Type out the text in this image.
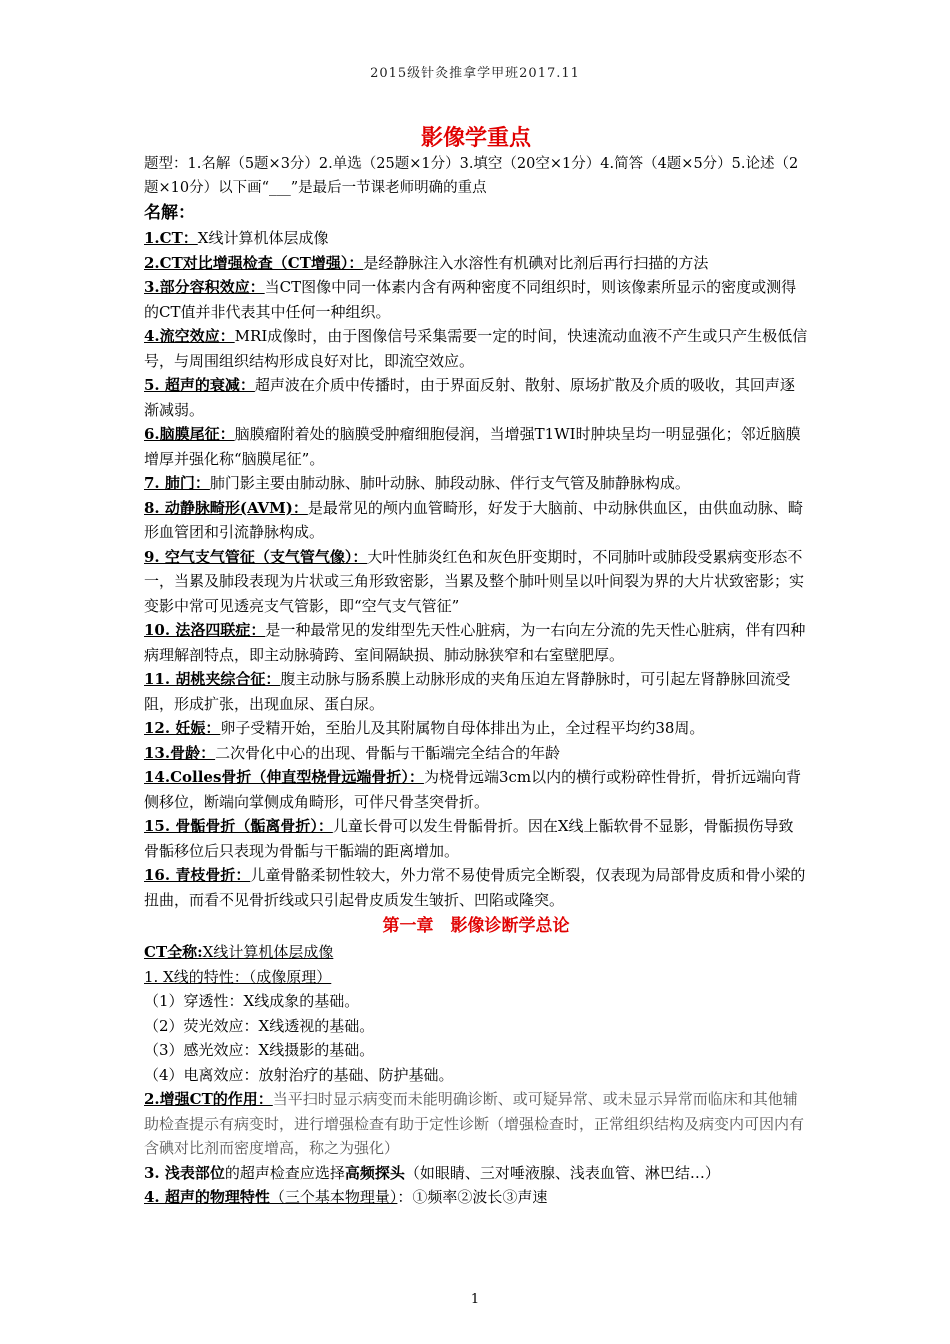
2015级针灸推拿学甲班2017.11
影像学重点

题型：1.名解（5题×3分）2.单选（25题×1分）3.填空（20空×1分）4.简答（4题×5分）5.论述（2题×10分）以下画“___”是最后一节课老师明确的重点

名解：

1.CT：X线计算机体层成像

2.CT对比增强检查（CT增强）：是经静脉注入水溶性有机碘对比剂后再行扫描的方法

3.部分容积效应：当CT图像中同一体素内含有两种密度不同组织时，则该像素所显示的密度或测得的CT值并非代表其中任何一种组织。

4.流空效应：MRI成像时，由于图像信号采集需要一定的时间，快速流动血液不产生或只产生极低信号，与周围组织结构形成良好对比，即流空效应。

5. 超声的衰减：超声波在介质中传播时，由于界面反射、散射、原场扩散及介质的吸收，其回声逐渐减弱。

6.脑膜尾征：脑膜瘤附着处的脑膜受肿瘤细胞侵润，当增强T1WI时肿块呈均一明显强化；邻近脑膜增厚并强化称“脑膜尾征”。

7. 肺门：肺门影主要由肺动脉、肺叶动脉、肺段动脉、伴行支气管及肺静脉构成。

8. 动静脉畸形(AVM)：是最常见的颅内血管畸形，好发于大脑前、中动脉供血区，由供血动脉、畸形血管团和引流静脉构成。

9. 空气支气管征（支气管气像）：大叶性肺炎红色和灰色肝变期时，不同肺叶或肺段受累病变形态不一，当累及肺段表现为片状或三角形致密影，当累及整个肺叶则呈以叶间裂为界的大片状致密影；实变影中常可见透亮支气管影，即“空气支气管征”

10. 法洛四联症：是一种最常见的发绀型先天性心脏病，为一右向左分流的先天性心脏病，伴有四种病理解剖特点，即主动脉骑跨、室间隔缺损、肺动脉狭窄和右室壁肥厚。

11. 胡桃夹综合征：腹主动脉与肠系膜上动脉形成的夹角压迫左肾静脉时，可引起左肾静脉回流受阻，形成扩张，出现血尿、蛋白尿。

12. 妊娠：卵子受精开始，至胎儿及其附属物自母体排出为止，全过程平均约38周。

13.骨龄：二次骨化中心的出现、骨骺与干骺端完全结合的年龄

14.Colles骨折（伸直型桡骨远端骨折）：为桡骨远端3cm以内的横行或粉碎性骨折，骨折远端向背侧移位，断端向掌侧成角畸形，可伴尺骨茎突骨折。

15. 骨骺骨折（骺离骨折）：儿童长骨可以发生骨骺骨折。因在X线上骺软骨不显影，骨骺损伤导致骨骺移位后只表现为骨骺与干骺端的距离增加。

16. 青枝骨折：儿童骨骼柔韧性较大，外力常不易使骨质完全断裂，仅表现为局部骨皮质和骨小梁的扭曲，而看不见骨折线或只引起骨皮质发生皱折、凹陷或隆突。

第一章　影像诊断学总论

CT全称:X线计算机体层成像

1. X线的特性：（成像原理）

（1）穿透性：X线成象的基础。

（2）荧光效应：X线透视的基础。

（3）感光效应：X线摄影的基础。

（4）电离效应：放射治疗的基础、防护基础。

2.增强CT的作用：当平扫时显示病变而未能明确诊断、或可疑异常、或未显示异常而临床和其他辅助检查提示有病变时，进行增强检查有助于定性诊断（增强检查时，正常组织结构及病变内可因内有含碘对比剂而密度增高，称之为强化）

3. 浅表部位的超声检查应选择高频探头（如眼睛、三对唾液腺、浅表血管、淋巴结…）

4. 超声的物理特性（三个基本物理量）：①频率②波长③声速

1
